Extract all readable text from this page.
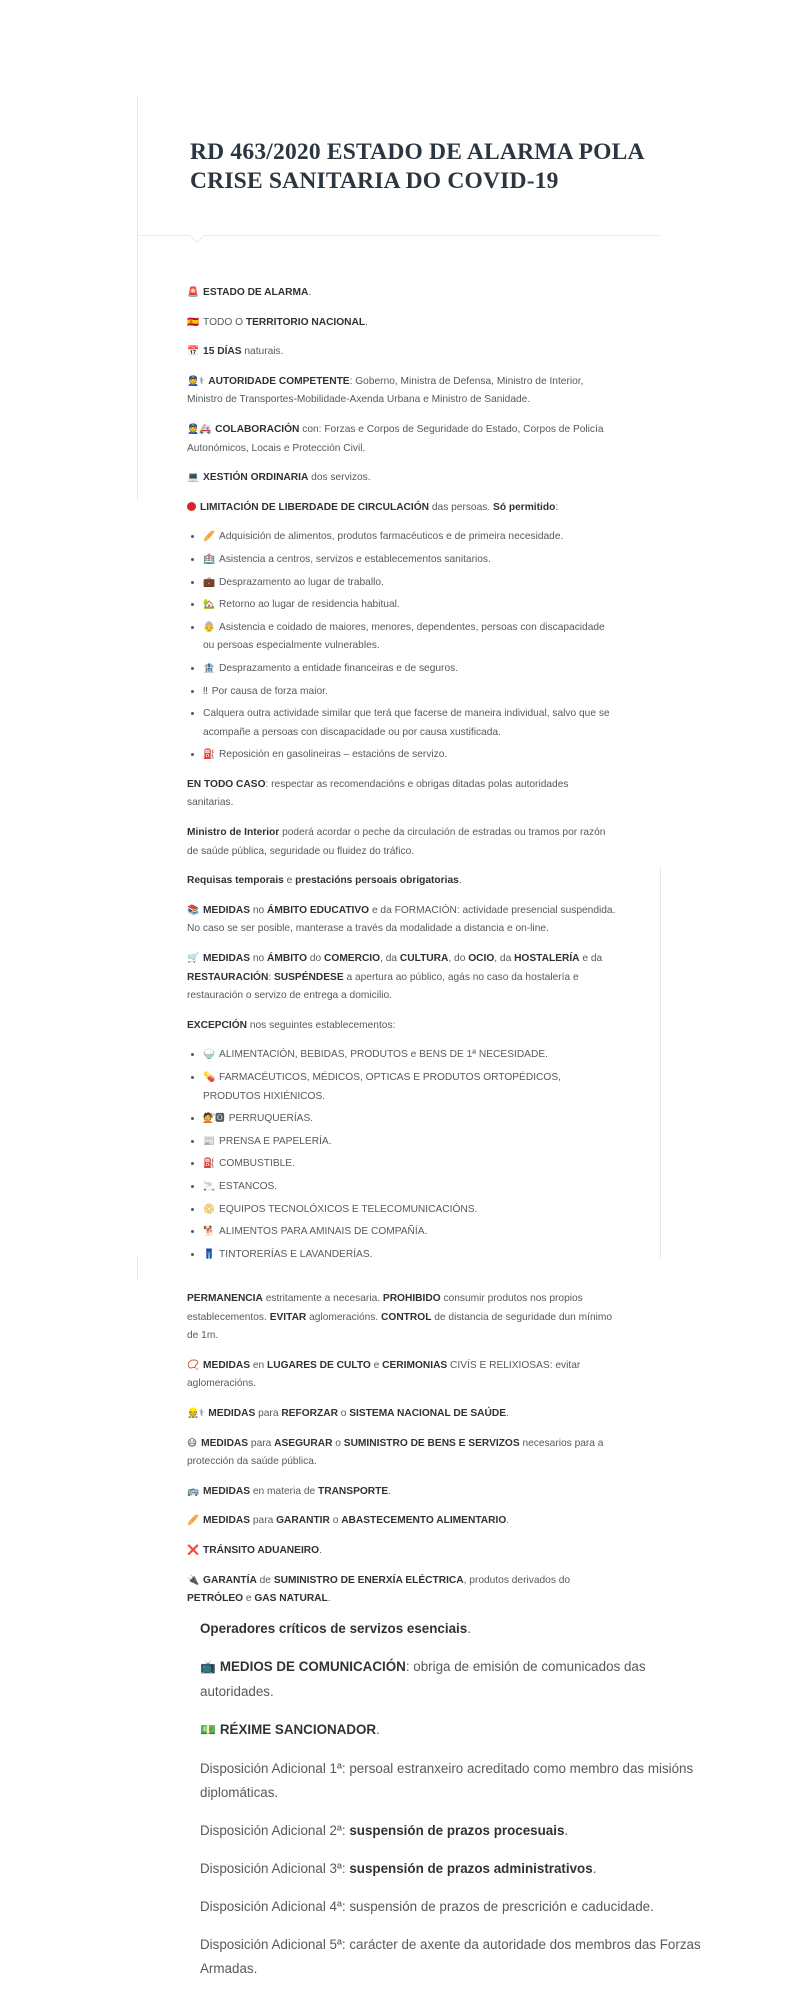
RD 463/2020 ESTADO DE ALARMA POLA CRISE SANITARIA DO COVID-19

🚨 ESTADO DE ALARMA.

🇪🇸 TODO O TERRITORIO NACIONAL.

📅 15 DÍAS naturais.

👮⚕ AUTORIDADE COMPETENTE: Goberno, Ministra de Defensa, Ministro de Interior, Ministro de Transportes-Mobilidade-Axenda Urbana e Ministro de Sanidade.

👮🚑 COLABORACIÓN con: Forzas e Corpos de Seguridade do Estado, Corpos de Policía Autonómicos, Locais e Protección Civil.

💻 XESTIÓN ORDINARIA dos servizos.

LIMITACIÓN DE LIBERDADE DE CIRCULACIÓN das persoas. Só permitido:

• 🥖 Adquisición de alimentos, produtos farmacéuticos e de primeira necesidade.
• 🏥 Asistencia a centros, servizos e establecementos sanitarios.
• 💼 Desprazamento ao lugar de traballo.
• 🏡 Retorno ao lugar de residencia habitual.
• 👵 Asistencia e coidado de maiores, menores, dependentes, persoas con discapacidade ou persoas especialmente vulnerables.
• 🏦 Desprazamento a entidade financeiras e de seguros.
• ‼ Por causa de forza maior.
• Calquera outra actividade similar que terá que facerse de maneira individual, salvo que se acompañe a persoas con discapacidade ou por causa xustificada.
• ⛽ Reposición en gasolineiras – estacións de servizo.

EN TODO CASO: respectar as recomendacións e obrigas ditadas polas autoridades sanitarias.

Ministro de Interior poderá acordar o peche da circulación de estradas ou tramos por razón de saúde pública, seguridade ou fluidez do tráfico.

Requisas temporais e prestacións persoais obrigatorias.

📚 MEDIDAS no ÁMBITO EDUCATIVO e da FORMACIÓN: actividade presencial suspendida. No caso se ser posible, manterase a través da modalidade a distancia e on-line.

🛒 MEDIDAS no ÁMBITO do COMERCIO, da CULTURA, do OCIO, da HOSTALERÍA e da RESTAURACIÓN: SUSPÉNDESE a apertura ao público, agás no caso da hostalería e restauración o servizo de entrega a domicilio.

EXCEPCIÓN nos seguintes establecementos:

• 🍚 ALIMENTACIÓN, BEBIDAS, PRODUTOS e BENS DE 1ª NECESIDADE.
• 💊 FARMACÉUTICOS, MÉDICOS, OPTICAS E PRODUTOS ORTOPÉDICOS, PRODUTOS HIXIÉNICOS.
• 💇🅾 PERRUQUERÍAS.
• 📰 PRENSA E PAPELERÍA.
• ⛽ COMBUSTIBLE.
• 🚬 ESTANCOS.
• 📀 EQUIPOS TECNOLÓXICOS E TELECOMUNICACIÓNS.
• 🐕 ALIMENTOS PARA AMINAIS DE COMPAÑÍA.
• 👖 TINTORERÍAS E LAVANDERÍAS.

PERMANENCIA estritamente a necesaria. PROHIBIDO consumir produtos nos propios establecementos. EVITAR aglomeracións. CONTROL de distancia de seguridade dun mínimo de 1m.

📿 MEDIDAS en LUGARES DE CULTO e CERIMONIAS CIVÍS E RELIXIOSAS: evitar aglomeracións.

👷⚕ MEDIDAS para REFORZAR o SISTEMA NACIONAL DE SAÚDE.

😷 MEDIDAS para ASEGURAR o SUMINISTRO DE BENS E SERVIZOS necesarios para a protección da saúde pública.

🚌 MEDIDAS en materia de TRANSPORTE.

🥖 MEDIDAS para GARANTIR o ABASTECEMENTO ALIMENTARIO.

❌ TRÁNSITO ADUANEIRO.

🔌 GARANTÍA de SUMINISTRO DE ENERXÍA ELÉCTRICA, produtos derivados do PETRÓLEO e GAS NATURAL.

Operadores críticos de servizos esenciais.

📺 MEDIOS DE COMUNICACIÓN: obriga de emisión de comunicados das autoridades.

💵 RÉXIME SANCIONADOR.

Disposición Adicional 1ª: persoal estranxeiro acreditado como membro das misións diplomáticas.

Disposición Adicional 2ª: suspensión de prazos procesuais.

Disposición Adicional 3ª: suspensión de prazos administrativos.

Disposición Adicional 4ª: suspensión de prazos de prescrición e caducidade.

Disposición Adicional 5ª: carácter de axente da autoridade dos membros das Forzas Armadas.
